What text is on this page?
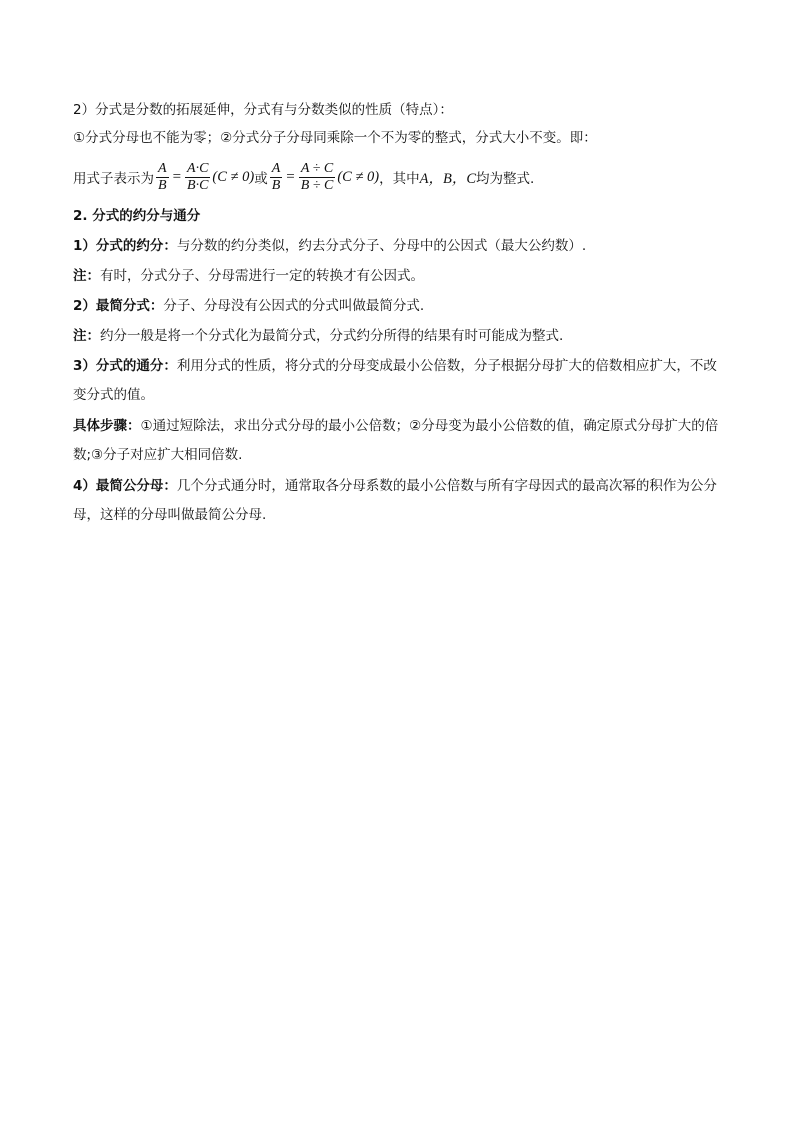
2）分式是分数的拓展延伸，分式有与分数类似的性质（特点）：

①分式分母也不能为零；②分式分子分母同乘除一个不为零的整式，分式大小不变。即：

用式子表示为 $\frac{A}{B} = \frac{A\cdot C}{B\cdot C} (C \ne 0)$ 或 $\frac{A}{B} = \frac{A \div C}{B \div C} (C \ne 0)$ ，其中 A，B，C 均为整式.

2. 分式的约分与通分

1）分式的约分：与分数的约分类似，约去分式分子、分母中的公因式（最大公约数）.

注：有时，分式分子、分母需进行一定的转换才有公因式。

2）最简分式：分子、分母没有公因式的分式叫做最简分式.

注：约分一般是将一个分式化为最简分式，分式约分所得的结果有时可能成为整式.

3）分式的通分：利用分式的性质，将分式的分母变成最小公倍数，分子根据分母扩大的倍数相应扩大，不改变分式的值。

具体步骤：①通过短除法，求出分式分母的最小公倍数；②分母变为最小公倍数的值，确定原式分母扩大的倍数;③分子对应扩大相同倍数.

4）最简公分母：几个分式通分时，通常取各分母系数的最小公倍数与所有字母因式的最高次幂的积作为公分母，这样的分母叫做最简公分母.
